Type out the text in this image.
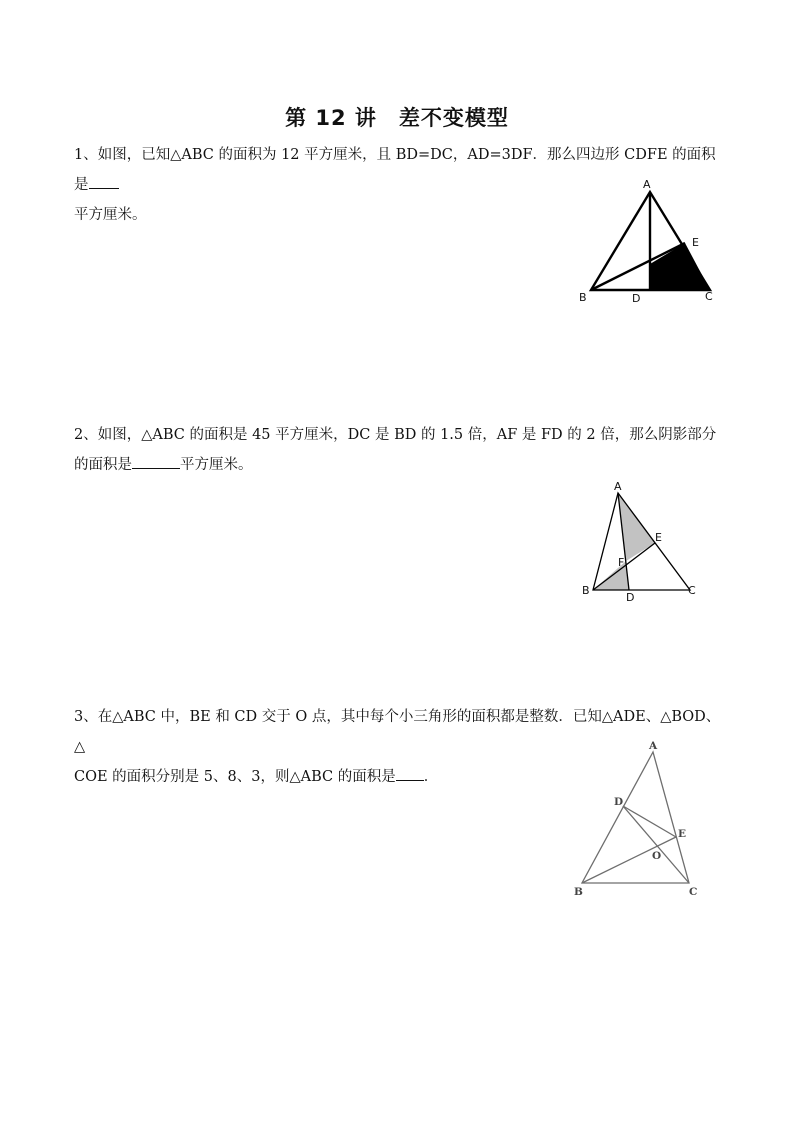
第 12 讲　差不变模型
1、如图，已知△ABC 的面积为 12 平方厘米，且 BD=DC，AD=3DF．那么四边形 CDFE 的面积是
平方厘米。
A
B	C
D
E
2、如图，△ABC 的面积是 45 平方厘米，DC 是 BD 的 1.5 倍，AF 是 FD 的 2 倍，那么阴影部分
的面积是	平方厘米。
A
B	C
D
E
F
3、在△ABC 中，BE 和 CD 交于 O 点，其中每个小三角形的面积都是整数．已知△ADE、△BOD、△
COE 的面积分别是 5、8、3，则△ABC 的面积是 ．
A
B	C
D
E
O
